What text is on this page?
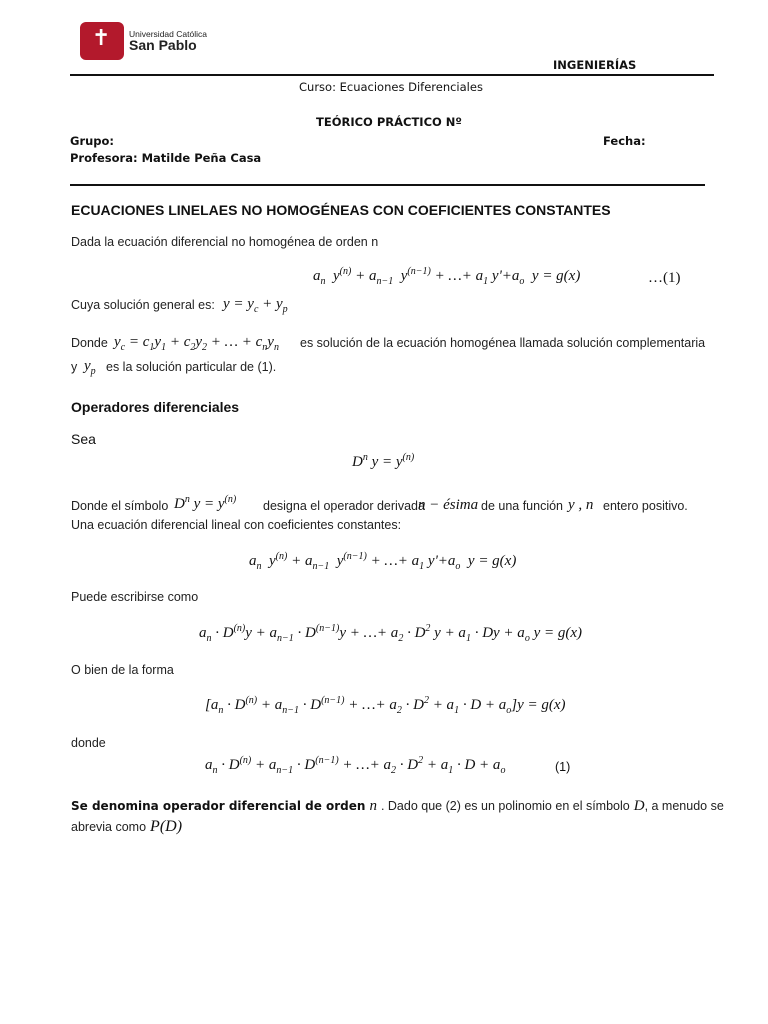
✝ Universidad Católica
San Pablo
INGENIERÍAS
Curso: Ecuaciones Diferenciales
TEÓRICO PRÁCTICO Nº
Grupo:	Fecha:
Profesora: Matilde Peña Casa
ECUACIONES LINELAES NO HOMOGÉNEAS CON COEFICIENTES CONSTANTES
Dada la ecuación diferencial no homogénea de orden n
$a_n$  $y^{(n)} + a_{n-1}$  $y^{(n-1)}$ + …+ $a_1$ $y'+a_o$  y = g(x)	…(1)
Cuya solución general es: $y = y_c + y_p$
Donde $y_c = c_1y_1 + c_2y_2$ + … + $c_ny_n$ es solución de la ecuación homogénea llamada solución complementaria
y $y_p$ es la solución particular de (1).
Operadores diferenciales
Sea
$D^n$ $y = y^{(n)}$
Donde el símbolo $D^n$ $y = y^{(n)}$ designa el operador derivada
n − ésima de una función y , n entero positivo.
Una ecuación diferencial lineal con coeficientes constantes:
$a_n$  $y^{(n)} + a_{n-1}$  $y^{(n-1)}$ + …+ $a_1$ $y'+a_o$  y = g(x)
Puede escribirse como
$a_n \cdot D^{(n)}y + a_{n-1} \cdot D^{(n-1)}y$ + …+ $a_2 \cdot D^2$ $y + a_1 \cdot Dy + a_o$ y = g(x)
O bien de la forma
[$a_n \cdot D^{(n)} + a_{n-1} \cdot D^{(n-1)}$ + …+ $a_2 \cdot D^2 + a_1 \cdot D + a_o]y = g(x)$
donde
$a_n \cdot D^{(n)} + a_{n-1} \cdot D^{(n-1)}$ + …+ $a_2 \cdot D^2 + a_1 \cdot D + a_o$	(1)
Se denomina operador diferencial de orden n . Dado que (2) es un polinomio en el símbolo D, a menudo se
abrevia como P(D)
